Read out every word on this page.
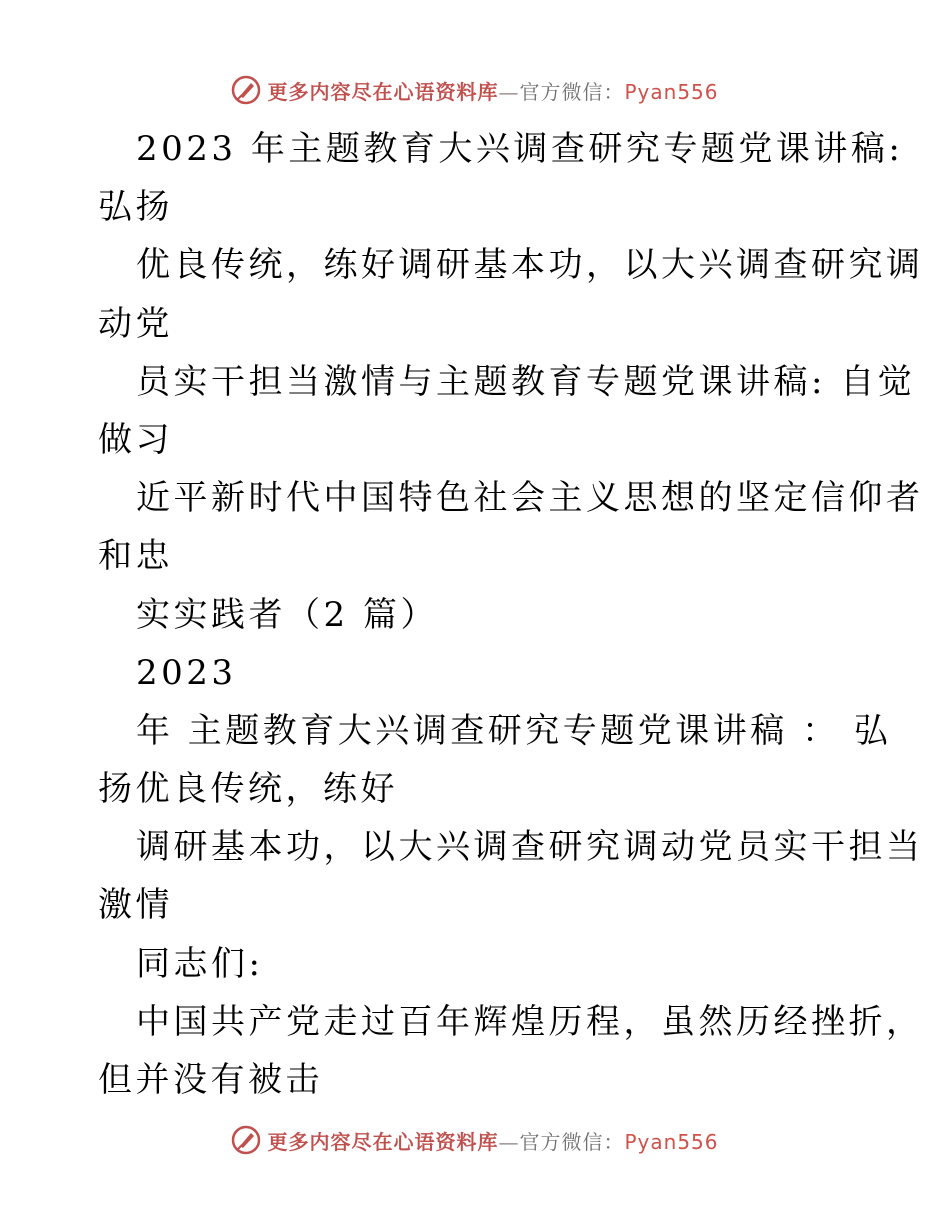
更多内容尽在心语资料库—官方微信：Pyan556
2023 年主题教育大兴调查研究专题党课讲稿:
弘扬
优良传统，练好调研基本功，以大兴调查研究调
动党
员实干担当激情与主题教育专题党课讲稿: 自觉
做习
近平新时代中国特色社会主义思想的坚定信仰者
和忠
实实践者（2 篇）
2023
年 主题教育大兴调查研究专题党课讲稿 ： 弘
扬优良传统，练好
调研基本功，以大兴调查研究调动党员实干担当
激情
同志们:
中国共产党走过百年辉煌历程，虽然历经挫折，
但并没有被击
更多内容尽在心语资料库—官方微信：Pyan556
